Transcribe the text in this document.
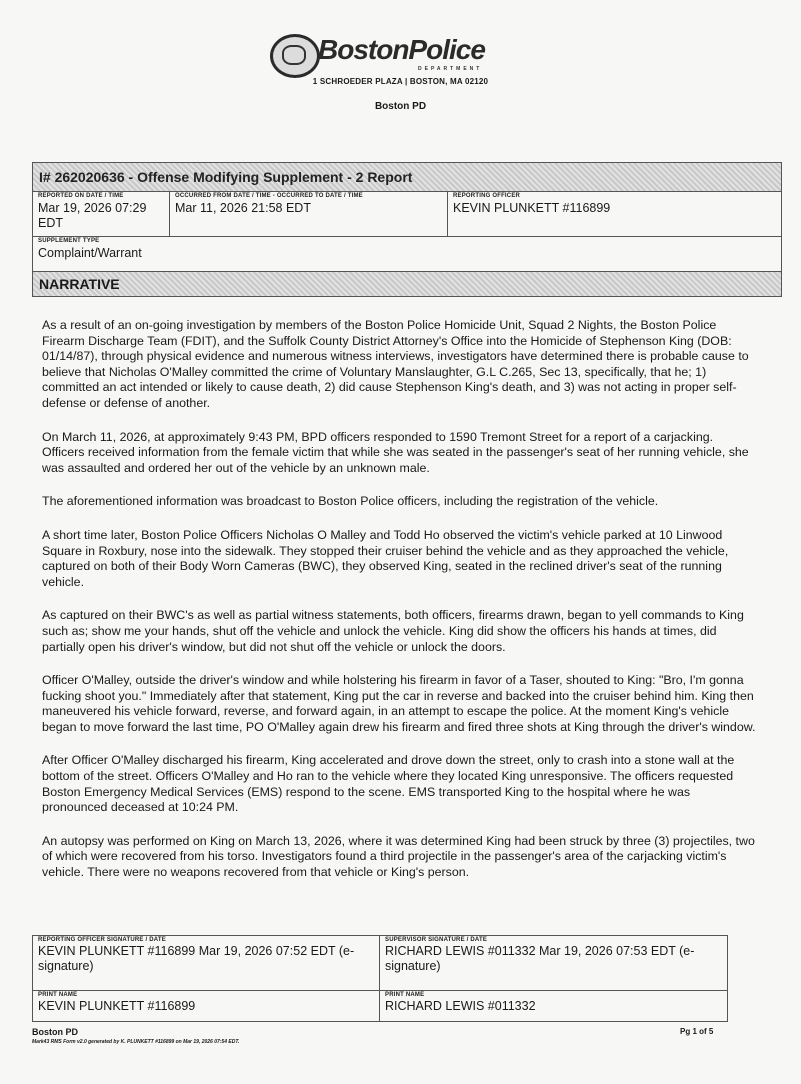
BostonPolice
DEPARTMENT
1 SCHROEDER PLAZA | BOSTON, MA 02120
Boston PD
I# 262020636 - Offense Modifying Supplement - 2 Report
REPORTED ON DATE / TIME
Mar 19, 2026 07:29 EDT
OCCURRED FROM DATE / TIME - OCCURRED TO DATE / TIME
Mar 11, 2026 21:58 EDT
REPORTING OFFICER
KEVIN PLUNKETT #116899
SUPPLEMENT TYPE
Complaint/Warrant
NARRATIVE

As a result of an on-going investigation by members of the Boston Police Homicide Unit, Squad 2 Nights, the Boston Police Firearm Discharge Team (FDIT), and the Suffolk County District Attorney's Office into the Homicide of Stephenson King (DOB: 01/14/87), through physical evidence and numerous witness interviews, investigators have determined there is probable cause to believe that Nicholas O'Malley committed the crime of Voluntary Manslaughter, G.L C.265, Sec 13, specifically, that he; 1) committed an act intended or likely to cause death, 2) did cause Stephenson King's death, and 3) was not acting in proper self-defense or defense of another.

On March 11, 2026, at approximately 9:43 PM, BPD officers responded to 1590 Tremont Street for a report of a carjacking. Officers received information from the female victim that while she was seated in the passenger's seat of her running vehicle, she was assaulted and ordered her out of the vehicle by an unknown male.

The aforementioned information was broadcast to Boston Police officers, including the registration of the vehicle.

A short time later, Boston Police Officers Nicholas O Malley and Todd Ho observed the victim's vehicle parked at 10 Linwood Square in Roxbury, nose into the sidewalk. They stopped their cruiser behind the vehicle and as they approached the vehicle, captured on both of their Body Worn Cameras (BWC), they observed King, seated in the reclined driver's seat of the running vehicle.

As captured on their BWC's as well as partial witness statements, both officers, firearms drawn, began to yell commands to King such as; show me your hands, shut off the vehicle and unlock the vehicle. King did show the officers his hands at times, did partially open his driver's window, but did not shut off the vehicle or unlock the doors.

Officer O'Malley, outside the driver's window and while holstering his firearm in favor of a Taser, shouted to King: "Bro, I'm gonna fucking shoot you." Immediately after that statement, King put the car in reverse and backed into the cruiser behind him. King then maneuvered his vehicle forward, reverse, and forward again, in an attempt to escape the police. At the moment King's vehicle began to move forward the last time, PO O'Malley again drew his firearm and fired three shots at King through the driver's window.

After Officer O'Malley discharged his firearm, King accelerated and drove down the street, only to crash into a stone wall at the bottom of the street. Officers O'Malley and Ho ran to the vehicle where they located King unresponsive. The officers requested Boston Emergency Medical Services (EMS) respond to the scene. EMS transported King to the hospital where he was pronounced deceased at 10:24 PM.

An autopsy was performed on King on March 13, 2026, where it was determined King had been struck by three (3) projectiles, two of which were recovered from his torso. Investigators found a third projectile in the passenger's area of the carjacking victim's vehicle. There were no weapons recovered from that vehicle or King's person.

REPORTING OFFICER SIGNATURE / DATE
KEVIN PLUNKETT #116899 Mar 19, 2026 07:52 EDT (e-signature)
PRINT NAME
KEVIN PLUNKETT #116899
SUPERVISOR SIGNATURE / DATE
RICHARD LEWIS #011332 Mar 19, 2026 07:53 EDT (e-signature)
PRINT NAME
RICHARD LEWIS #011332
Boston PD
Mark43 RMS Form v2.0 generated by K. PLUNKETT #116899 on Mar 19, 2026 07:54 EDT.
Pg 1 of 5
